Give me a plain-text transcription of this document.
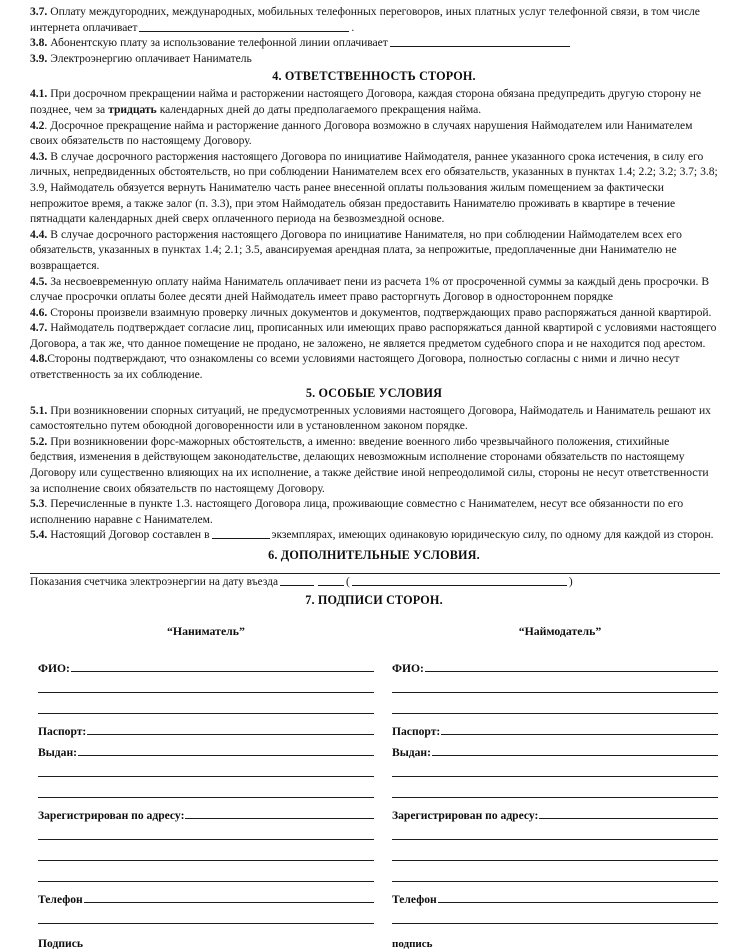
3.7. Оплату междугородних, международных, мобильных телефонных переговоров, иных платных услуг телефонной связи, в том числе интернета оплачивает	.

3.8. Абонентскую плату за использование телефонной линии оплачивает

3.9. Электроэнергию оплачивает Наниматель

4. ОТВЕТСТВЕННОСТЬ СТОРОН.

4.1. При досрочном прекращении найма и расторжении настоящего Договора, каждая сторона обязана предупредить другую сторону не позднее, чем за тридцать календарных дней до даты предполагаемого прекращения найма.

4.2. Досрочное прекращение найма и расторжение данного Договора возможно в случаях нарушения Наймодателем или Нанимателем своих обязательств по настоящему Договору.

4.3. В случае досрочного расторжения настоящего Договора по инициативе Наймодателя, раннее указанного срока истечения, в силу его личных, непредвиденных обстоятельств, но при соблюдении Нанимателем всех его обязательств, указанных в пунктах 1.4; 2.2; 3.2; 3.7; 3.8; 3.9, Наймодатель обязуется вернуть Нанимателю часть ранее внесенной оплаты пользования жилым помещением за фактически непрожитое время, а также залог (п. 3.3), при этом Наймодатель обязан предоставить Нанимателю проживать в квартире в течение пятнадцати календарных дней сверх оплаченного периода на безвозмездной основе.

4.4. В случае досрочного расторжения настоящего Договора по инициативе Нанимателя, но при соблюдении Наймодателем всех его обязательств, указанных в пунктах 1.4; 2.1; 3.5, авансируемая арендная плата, за непрожитые, предоплаченные дни Нанимателю не возвращается.

4.5. За несвоевременную оплату найма Наниматель оплачивает пени из расчета 1% от просроченной суммы за каждый день просрочки. В случае просрочки оплаты более десяти дней Наймодатель имеет право расторгнуть Договор в одностороннем порядке

4.6. Стороны произвели взаимную проверку личных документов и документов, подтверждающих право распоряжаться данной квартирой.

4.7. Наймодатель подтверждает согласие лиц, прописанных или имеющих право распоряжаться данной квартирой с условиями настоящего Договора, а так же, что данное помещение не продано, не заложено, не является предметом судебного спора и не находится под арестом.

4.8.Стороны подтверждают, что ознакомлены со всеми условиями настоящего Договора, полностью согласны с ними и лично несут ответственность за их соблюдение.

5. ОСОБЫЕ УСЛОВИЯ

5.1. При возникновении спорных ситуаций, не предусмотренных условиями настоящего Договора, Наймодатель и Наниматель решают их самостоятельно путем обоюдной договоренности или в установленном законом порядке.

5.2. При возникновении форс-мажорных обстоятельств, а именно: введение военного либо чрезвычайного положения, стихийные бедствия, изменения в действующем законодательстве, делающих невозможным исполнение сторонами обязательств по настоящему Договору или существенно влияющих на их исполнение, а также действие иной непреодолимой силы, стороны не несут ответственности за исполнение своих обязательств по настоящему Договору.

5.3. Перечисленные в пункте 1.3. настоящего Договора лица, проживающие совместно с Нанимателем, несут все обязанности по его исполнению наравне с Нанимателем.

5.4. Настоящий Договор составлен в	экземплярах, имеющих одинаковую юридическую силу, по одному для каждой из сторон.

6. ДОПОЛНИТЕЛЬНЫЕ УСЛОВИЯ.
Показания счетчика электроэнергии на дату въезда	(	)
7. ПОДПИСИ СТОРОН.
“Наниматель”
ФИО:
Паспорт:
Выдан:
Зарегистрирован по адресу:
Телефон
Подпись
“Наймодатель”
ФИО:
Паспорт:
Выдан:
Зарегистрирован по адресу:
Телефон
подпись
